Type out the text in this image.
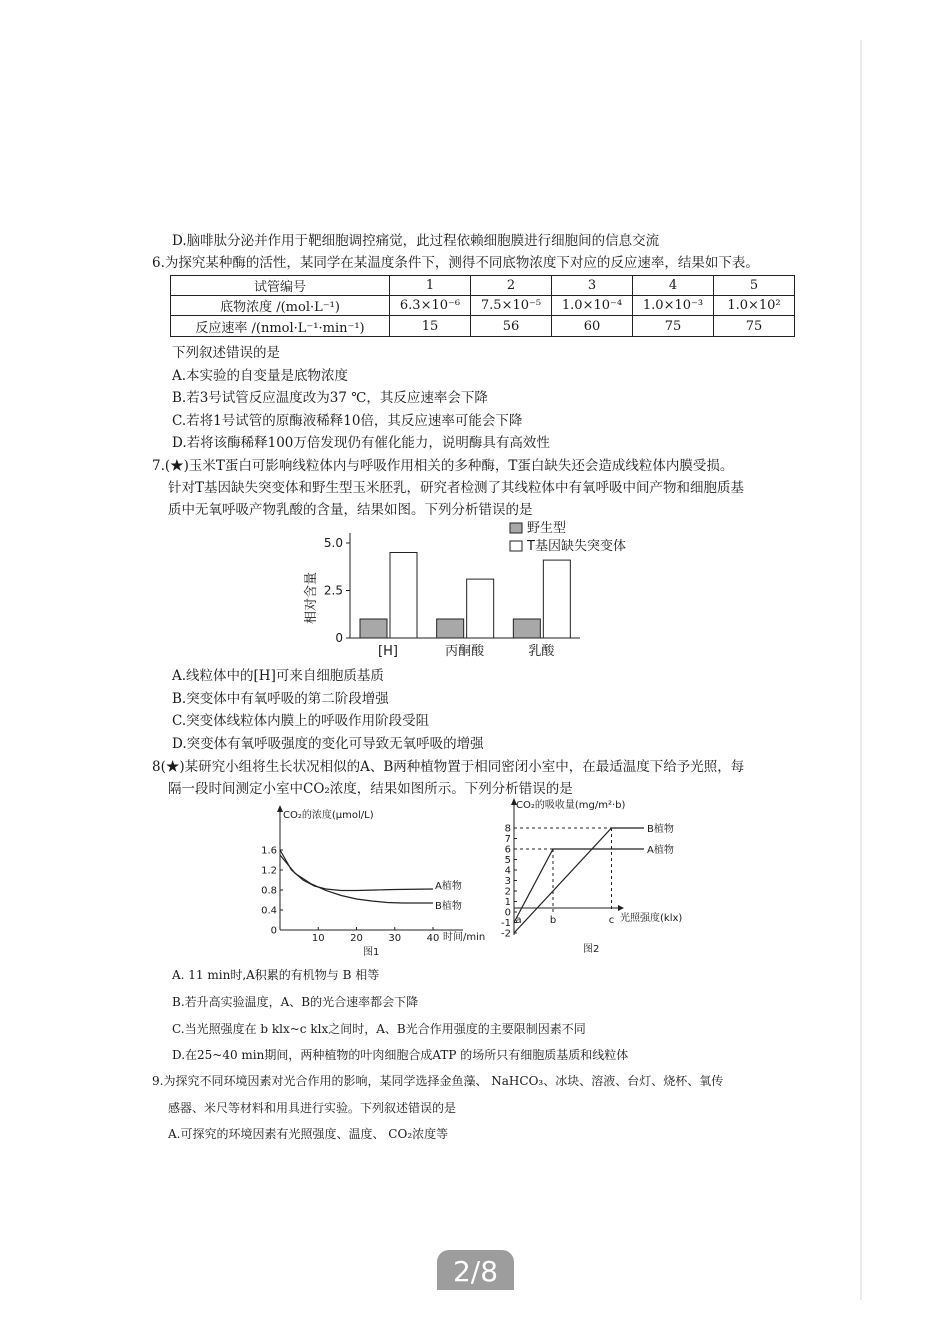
D.脑啡肽分泌并作用于靶细胞调控痛觉，此过程依赖细胞膜进行细胞间的信息交流
6.为探究某种酶的活性，某同学在某温度条件下，测得不同底物浓度下对应的反应速率，结果如下表。
试管编号	1	2	3	4	5
底物浓度 /(mol·L⁻¹)	6.3×10⁻⁶	7.5×10⁻⁵	1.0×10⁻⁴	1.0×10⁻³	1.0×10²
反应速率 /(nmol·L⁻¹·min⁻¹)	15	56	60	75	75
下列叙述错误的是
A.本实验的自变量是底物浓度
B.若3号试管反应温度改为37 ℃，其反应速率会下降
C.若将1号试管的原酶液稀释10倍，其反应速率可能会下降
D.若将该酶稀释100万倍发现仍有催化能力，说明酶具有高效性
7.(★)玉米T蛋白可影响线粒体内与呼吸作用相关的多种酶，T蛋白缺失还会造成线粒体内膜受损。
针对T基因缺失突变体和野生型玉米胚乳，研究者检测了其线粒体中有氧呼吸中间产物和细胞质基
质中无氧呼吸产物乳酸的含量，结果如图。下列分析错误的是
野生型
T基因缺失突变体
相对含量
0
2.5
5.0
[H]	丙酮酸	乳酸
A.线粒体中的[H]可来自细胞质基质
B.突变体中有氧呼吸的第二阶段增强
C.突变体线粒体内膜上的呼吸作用阶段受阻
D.突变体有氧呼吸强度的变化可导致无氧呼吸的增强
8(★)某研究小组将生长状况相似的A、B两种植物置于相同密闭小室中，在最适温度下给予光照，每
隔一段时间测定小室中CO₂浓度，结果如图所示。下列分析错误的是
CO₂的浓度(μmol/L)
0
0.4
0.8
1.2
1.6
10	20	30	40
A植物
B植物
时间/min
图1
CO₂的吸收量(mg/m²·b)
8
7
6
5
4
3
2
1
0
-1
-2
B植物
A植物
a	b	c 光照强度(klx)
图2
A. 11 min时,A积累的有机物与 B 相等
B.若升高实验温度，A、B的光合速率都会下降
C.当光照强度在 b klx~c klx之间时，A、B光合作用强度的主要限制因素不同
D.在25~40 min期间，两种植物的叶肉细胞合成ATP 的场所只有细胞质基质和线粒体
9.为探究不同环境因素对光合作用的影响，某同学选择金鱼藻、 NaHCO₃、冰块、溶液、台灯、烧杯、氧传
感器、米尺等材料和用具进行实验。下列叙述错误的是
A.可探究的环境因素有光照强度、温度、 CO₂浓度等
2/8
